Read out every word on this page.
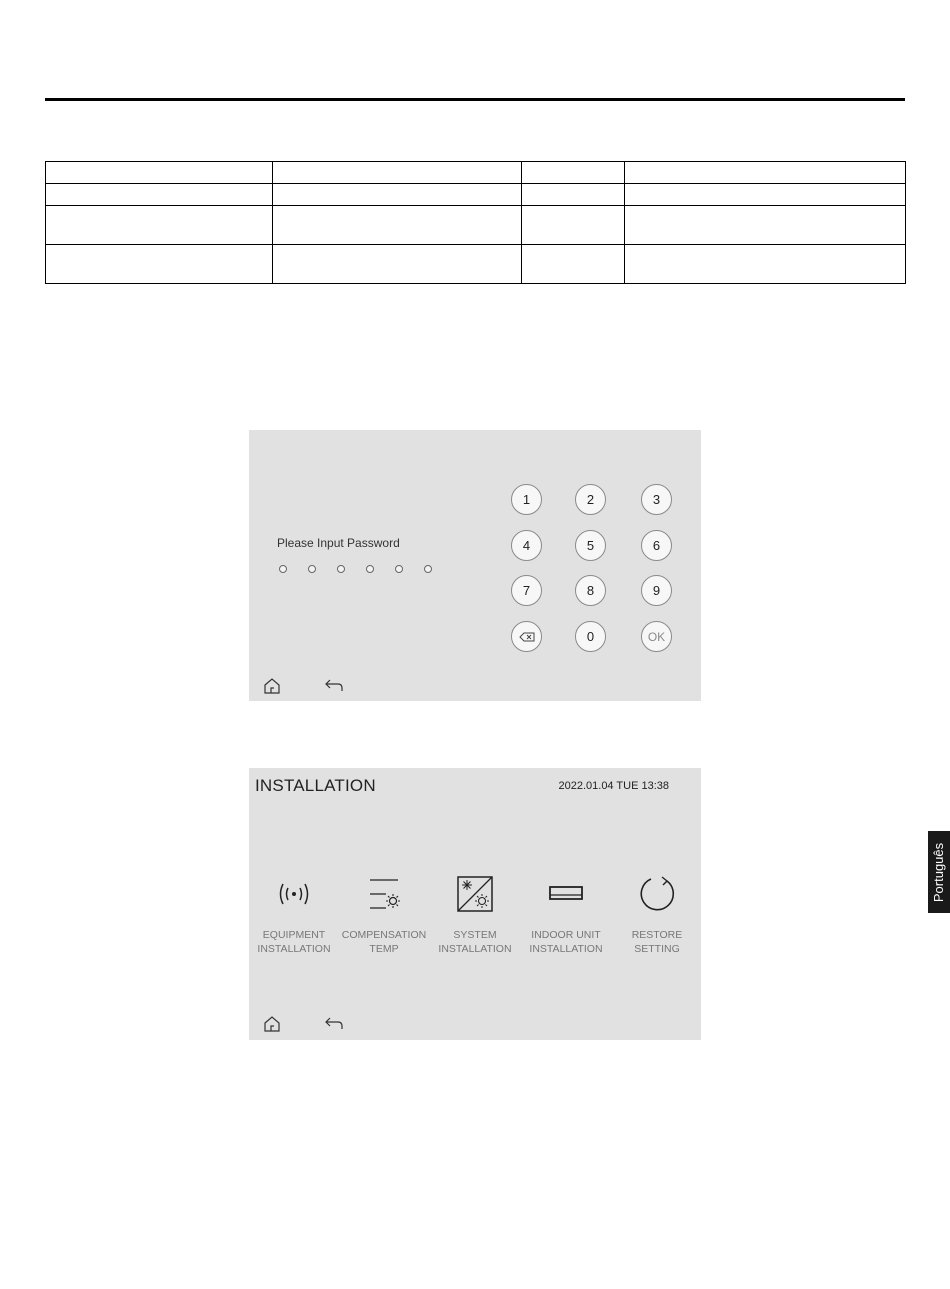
Please Input Password
1	2	3
4	5	6
7	8	9
0	OK
INSTALLATION	2022.01.04 TUE 13:38
EQUIPMENT
INSTALLATION
COMPENSATION
TEMP
SYSTEM
INSTALLATION
INDOOR UNIT
INSTALLATION
RESTORE
SETTING
Português
